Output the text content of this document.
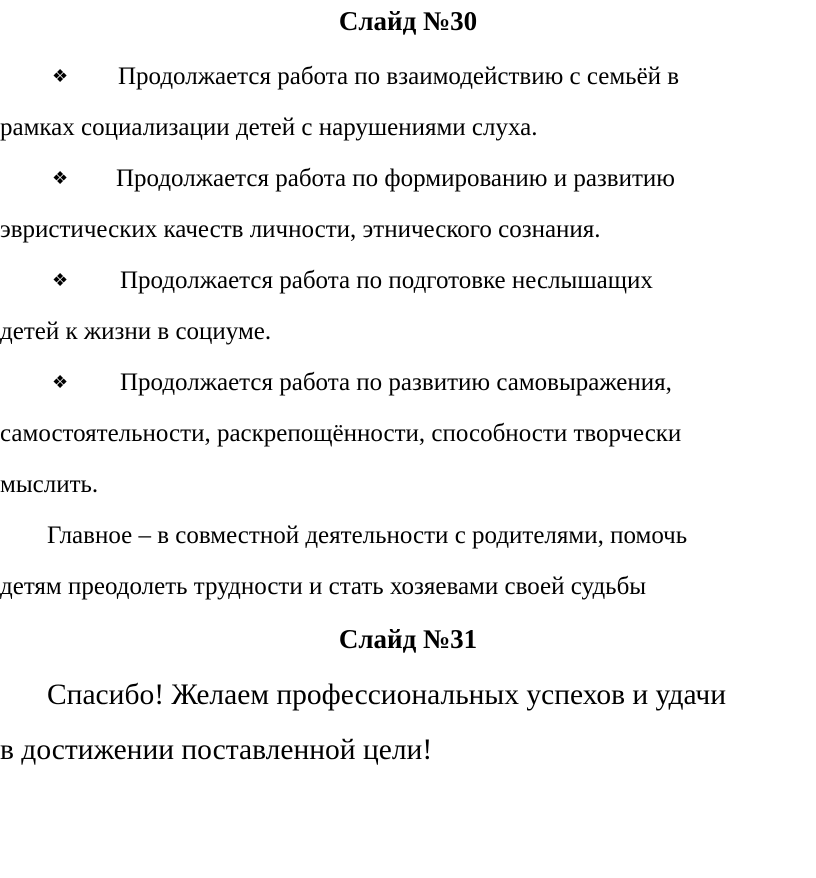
Слайд №30
❖ Продолжается работа по взаимодействию с семьёй в
рамках социализации детей с нарушениями слуха.
❖ Продолжается работа по формированию и развитию
эвристических качеств личности, этнического сознания.
❖ Продолжается работа по подготовке неслышащих
детей к жизни в социуме.
❖ Продолжается работа по развитию самовыражения,
самостоятельности, раскрепощённости, способности творчески
мыслить.
Главное – в совместной деятельности с родителями, помочь
детям преодолеть трудности и стать хозяевами своей судьбы
Слайд №31
Спасибо! Желаем профессиональных успехов и удачи
в достижении поставленной цели!
